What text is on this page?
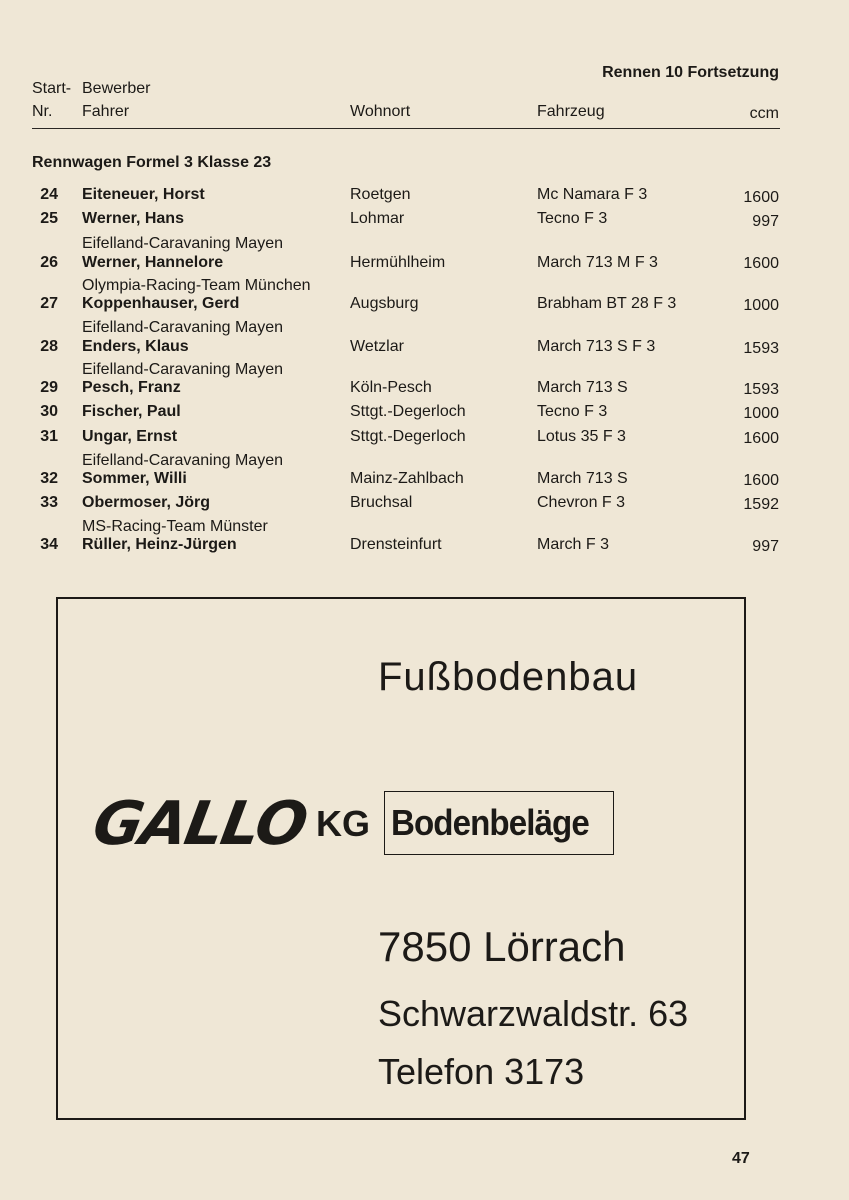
Rennen 10 Fortsetzung
Start- Bewerber
Nr. Fahrer	Wohnort	Fahrzeug	ccm
Rennwagen Formel 3 Klasse 23
24 Eiteneuer, Horst	Roetgen	Mc Namara F 3	1600
25 Werner, Hans	Lohmar	Tecno F 3	997
Eifelland-Caravaning Mayen
26 Werner, Hannelore	Hermühlheim	March 713 M F 3	1600
Olympia-Racing-Team München
27 Koppenhauser, Gerd	Augsburg	Brabham BT 28 F 3	1000
Eifelland-Caravaning Mayen
28 Enders, Klaus	Wetzlar	March 713 S F 3	1593
Eifelland-Caravaning Mayen
29 Pesch, Franz	Köln-Pesch	March 713 S	1593
30 Fischer, Paul	Sttgt.-Degerloch	Tecno F 3	1000
31 Ungar, Ernst	Sttgt.-Degerloch	Lotus 35 F 3	1600
Eifelland-Caravaning Mayen
32 Sommer, Willi	Mainz-Zahlbach	March 713 S	1600
33 Obermoser, Jörg	Bruchsal	Chevron F 3	1592
MS-Racing-Team Münster
34 Rüller, Heinz-Jürgen	Drensteinfurt	March F 3	997
Fußbodenbau
GALLO KG Bodenbeläge
7850 Lörrach
Schwarzwaldstr. 63
Telefon 3173
47
